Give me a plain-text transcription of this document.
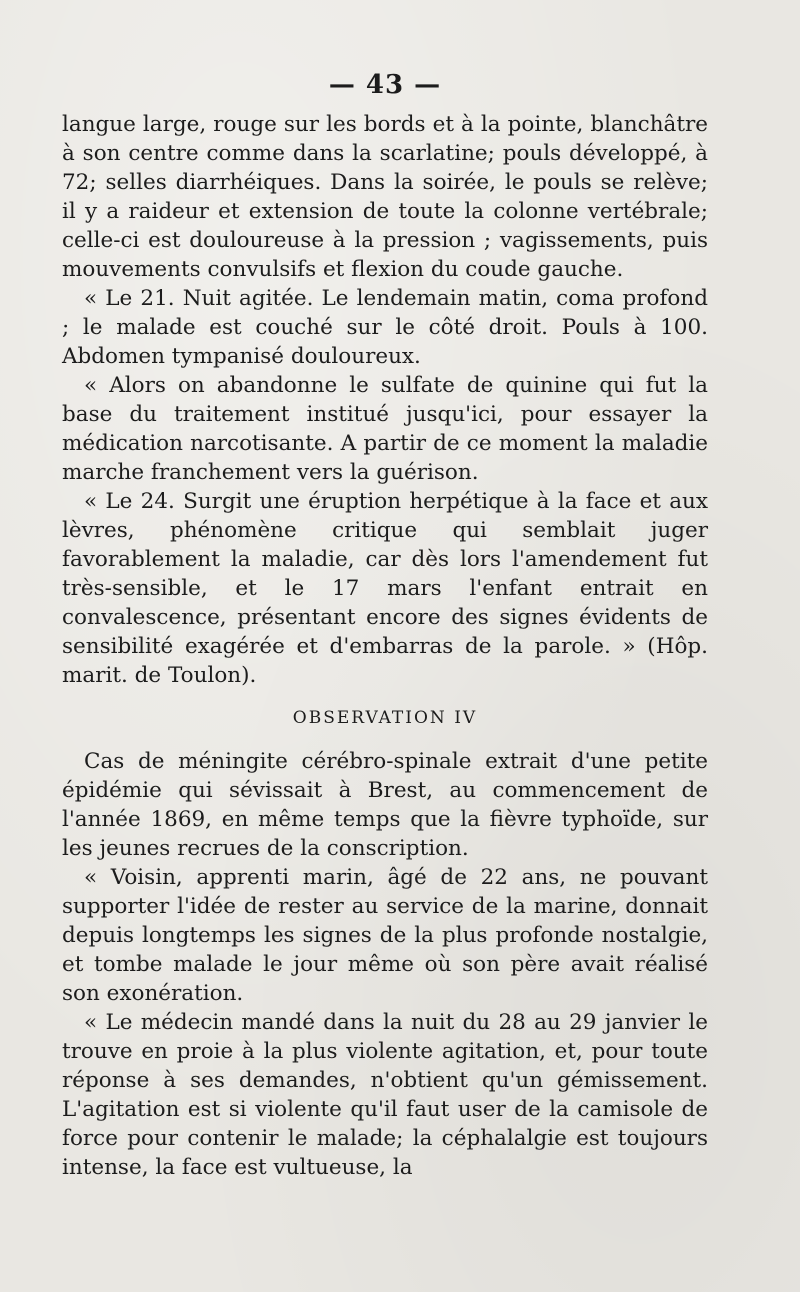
— 43 —

langue large, rouge sur les bords et à la pointe, blanchâtre à son centre comme dans la scarlatine; pouls développé, à 72; selles diarrhéiques. Dans la soirée, le pouls se relève; il y a raideur et extension de toute la colonne vertébrale; celle-ci est douloureuse à la pression ; vagissements, puis mouvements convulsifs et flexion du coude gauche.

« Le 21. Nuit agitée. Le lendemain matin, coma profond ; le malade est couché sur le côté droit. Pouls à 100. Abdomen tympanisé douloureux.

« Alors on abandonne le sulfate de quinine qui fut la base du traitement institué jusqu'ici, pour essayer la médication narcotisante. A partir de ce moment la maladie marche franchement vers la guérison.

« Le 24. Surgit une éruption herpétique à la face et aux lèvres, phénomène critique qui semblait juger favorablement la maladie, car dès lors l'amendement fut très-sensible, et le 17 mars l'enfant entrait en convalescence, présentant encore des signes évidents de sensibilité exagérée et d'embarras de la parole. » (Hôp. marit. de Toulon).

OBSERVATION IV

Cas de méningite cérébro-spinale extrait d'une petite épidémie qui sévissait à Brest, au commencement de l'année 1869, en même temps que la fièvre typhoïde, sur les jeunes recrues de la conscription.

« Voisin, apprenti marin, âgé de 22 ans, ne pouvant supporter l'idée de rester au service de la marine, donnait depuis longtemps les signes de la plus profonde nostalgie, et tombe malade le jour même où son père avait réalisé son exonération.

« Le médecin mandé dans la nuit du 28 au 29 janvier le trouve en proie à la plus violente agitation, et, pour toute réponse à ses demandes, n'obtient qu'un gémissement. L'agitation est si violente qu'il faut user de la camisole de force pour contenir le malade; la céphalalgie est toujours intense, la face est vultueuse, la
